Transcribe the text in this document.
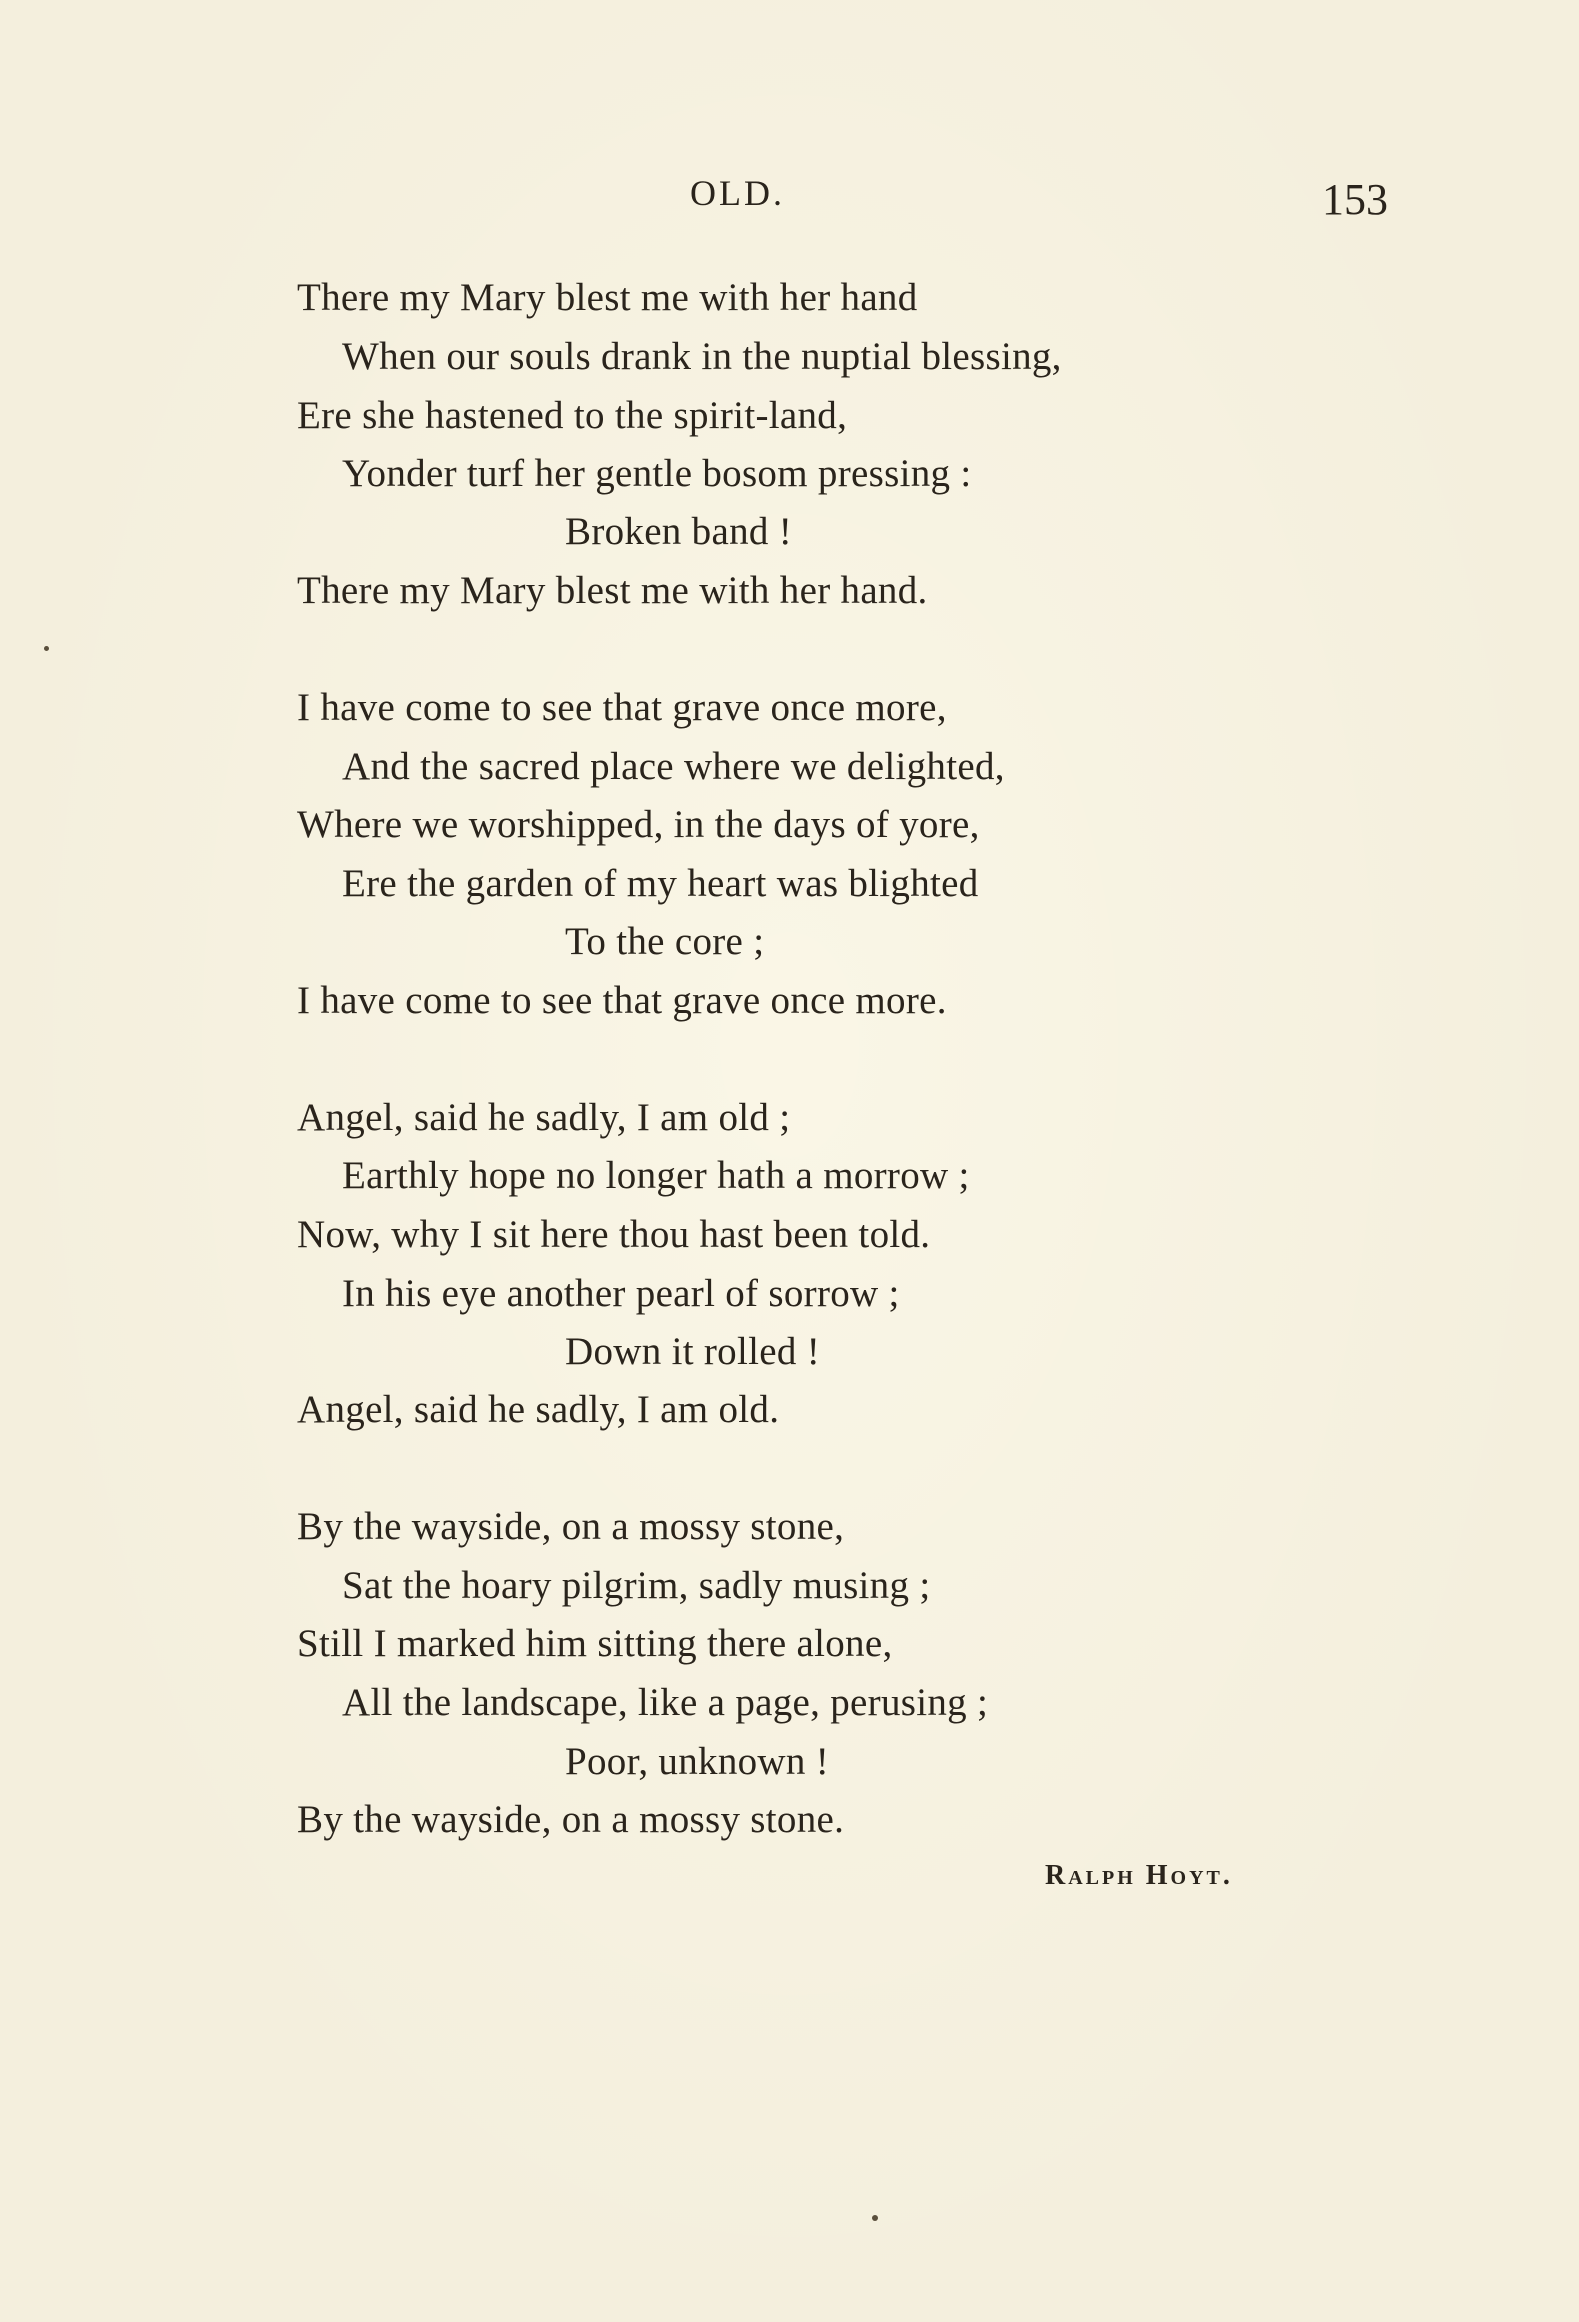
OLD.	153
There my Mary blest me with her hand
When our souls drank in the nuptial blessing,
Ere she hastened to the spirit-land,
Yonder turf her gentle bosom pressing :
Broken band !
There my Mary blest me with her hand.
I have come to see that grave once more,
And the sacred place where we delighted,
Where we worshipped, in the days of yore,
Ere the garden of my heart was blighted
To the core ;
I have come to see that grave once more.
Angel, said he sadly, I am old ;
Earthly hope no longer hath a morrow ;
Now, why I sit here thou hast been told.
In his eye another pearl of sorrow ;
Down it rolled !
Angel, said he sadly, I am old.
By the wayside, on a mossy stone,
Sat the hoary pilgrim, sadly musing ;
Still I marked him sitting there alone,
All the landscape, like a page, perusing ;
Poor, unknown !
By the wayside, on a mossy stone.
Ralph Hoyt.
